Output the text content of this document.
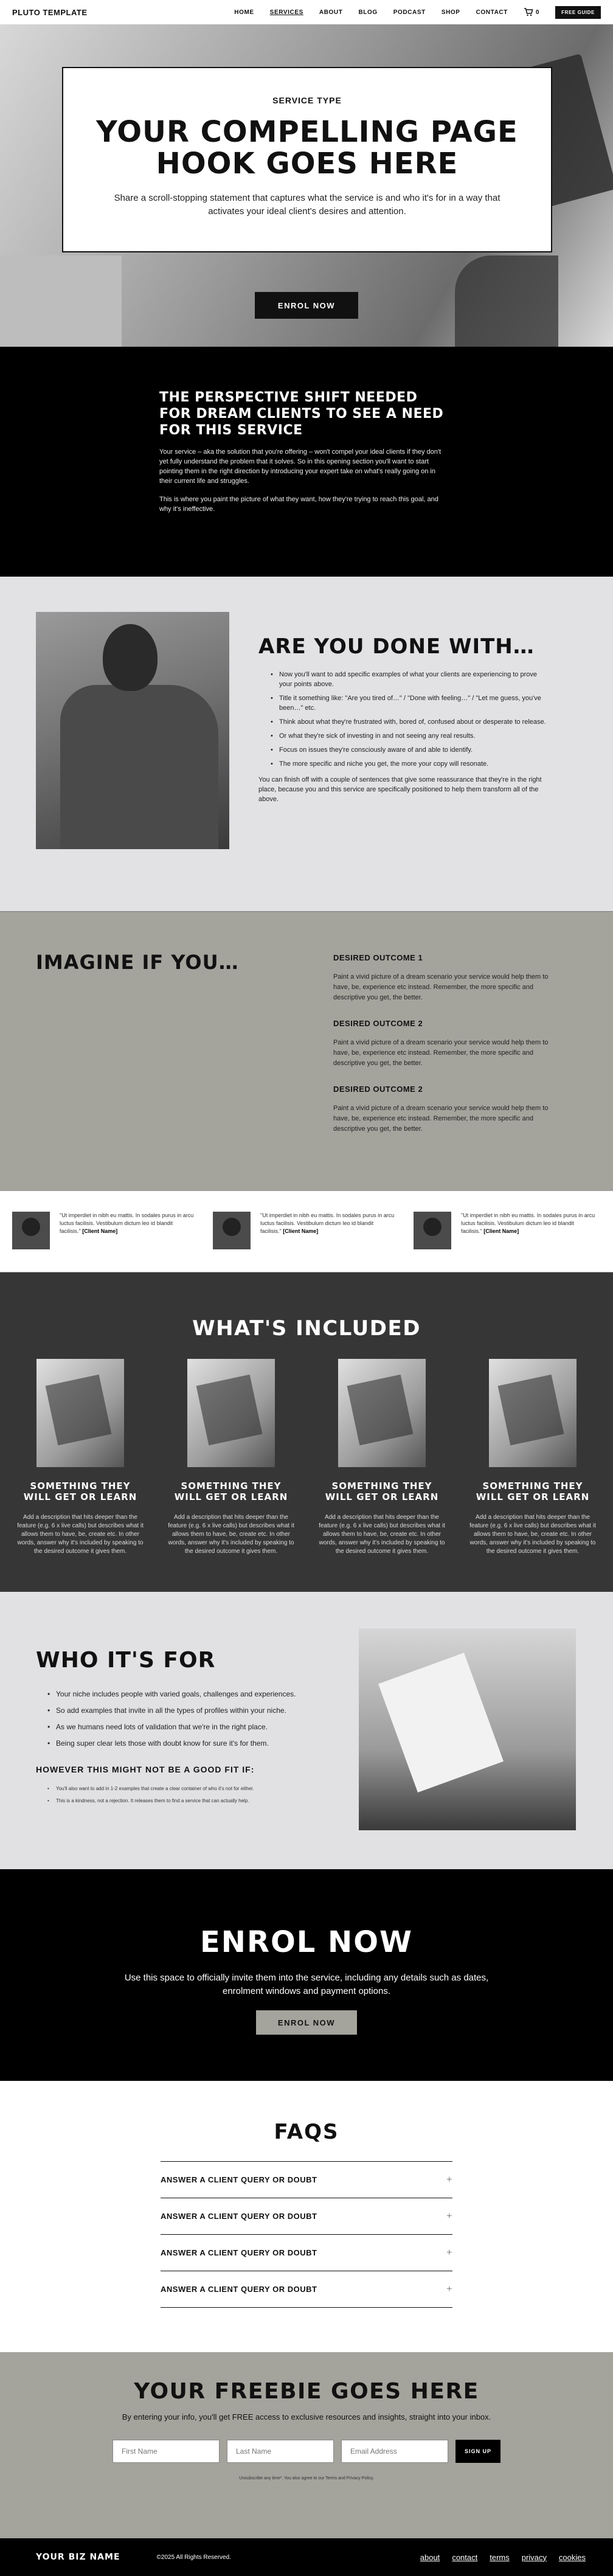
PLUTO TEMPLATE	HOME	SERVICES	ABOUT	BLOG	PODCAST	SHOP	CONTACT	0	FREE GUIDE
SERVICE TYPE
YOUR COMPELLING PAGE HOOK GOES HERE

Share a scroll-stopping statement that captures what the service is and who it's for in a way that activates your ideal client's desires and attention.

ENROL NOW
THE PERSPECTIVE SHIFT NEEDED FOR DREAM CLIENTS TO SEE A NEED FOR THIS SERVICE

Your service – aka the solution that you're offering – won't compel your ideal clients if they don't yet fully understand the problem that it solves. So in this opening section you'll want to start pointing them in the right direction by introducing your expert take on what's really going on in their current life and struggles.

This is where you paint the picture of what they want, how they're trying to reach this goal, and why it's ineffective.

ARE YOU DONE WITH…
• Now you'll want to add specific examples of what your clients are experiencing to prove your points above.
• Title it something like: "Are you tired of…" / "Done with feeling…" / "Let me guess, you've been…" etc.
• Think about what they're frustrated with, bored of, confused about or desperate to release.
• Or what they're sick of investing in and not seeing any real results.
• Focus on issues they're consciously aware of and able to identify.
• The more specific and niche you get, the more your copy will resonate.

You can finish off with a couple of sentences that give some reassurance that they're in the right place, because you and this service are specifically positioned to help them transform all of the above.

IMAGINE IF YOU…	DESIRED OUTCOME 1

Paint a vivid picture of a dream scenario your service would help them to have, be, experience etc instead. Remember, the more specific and descriptive you get, the better.

DESIRED OUTCOME 2

Paint a vivid picture of a dream scenario your service would help them to have, be, experience etc instead. Remember, the more specific and descriptive you get, the better.

DESIRED OUTCOME 2

Paint a vivid picture of a dream scenario your service would help them to have, be, experience etc instead. Remember, the more specific and descriptive you get, the better.

"Ut imperdiet in nibh eu mattis. In sodales purus in arcu luctus facilisis. Vestibulum dictum leo id blandit facilisis." [Client Name]

"Ut imperdiet in nibh eu mattis. In sodales purus in arcu luctus facilisis. Vestibulum dictum leo id blandit facilisis." [Client Name]

"Ut imperdiet in nibh eu mattis. In sodales purus in arcu luctus facilisis. Vestibulum dictum leo id blandit facilisis." [Client Name]

WHAT'S INCLUDED
SOMETHING THEY WILL GET OR LEARN

Add a description that hits deeper than the feature (e.g. 6 x live calls) but describes what it allows them to have, be, create etc. In other words, answer why it's included by speaking to the desired outcome it gives them.

SOMETHING THEY WILL GET OR LEARN

Add a description that hits deeper than the feature (e.g. 6 x live calls) but describes what it allows them to have, be, create etc. In other words, answer why it's included by speaking to the desired outcome it gives them.

SOMETHING THEY WILL GET OR LEARN

Add a description that hits deeper than the feature (e.g. 6 x live calls) but describes what it allows them to have, be, create etc. In other words, answer why it's included by speaking to the desired outcome it gives them.

SOMETHING THEY WILL GET OR LEARN

Add a description that hits deeper than the feature (e.g. 6 x live calls) but describes what it allows them to have, be, create etc. In other words, answer why it's included by speaking to the desired outcome it gives them.

WHO IT'S FOR
• Your niche includes people with varied goals, challenges and experiences.
• So add examples that invite in all the types of profiles within your niche.
• As we humans need lots of validation that we're in the right place.
• Being super clear lets those with doubt know for sure it's for them.
HOWEVER THIS MIGHT NOT BE A GOOD FIT IF:
• You'll also want to add in 1-2 examples that create a clear container of who it's not for either.
• This is a kindness, not a rejection. It releases them to find a service that can actually help.
ENROL NOW

Use this space to officially invite them into the service, including any details such as dates, enrolment windows and payment options.

ENROL NOW
FAQS
ANSWER A CLIENT QUERY OR DOUBT	+
ANSWER A CLIENT QUERY OR DOUBT	+
ANSWER A CLIENT QUERY OR DOUBT	+
ANSWER A CLIENT QUERY OR DOUBT	+
YOUR FREEBIE GOES HERE

By entering your info, you'll get FREE access to exclusive resources and insights, straight into your inbox.

First Name
Last Name
Email Address
SIGN UP

Unsubscribe any time*. You also agree to our Terms and Privacy Policy.

YOUR BIZ NAME	©2025 All Rights Reserved.	about contact terms privacy cookies
